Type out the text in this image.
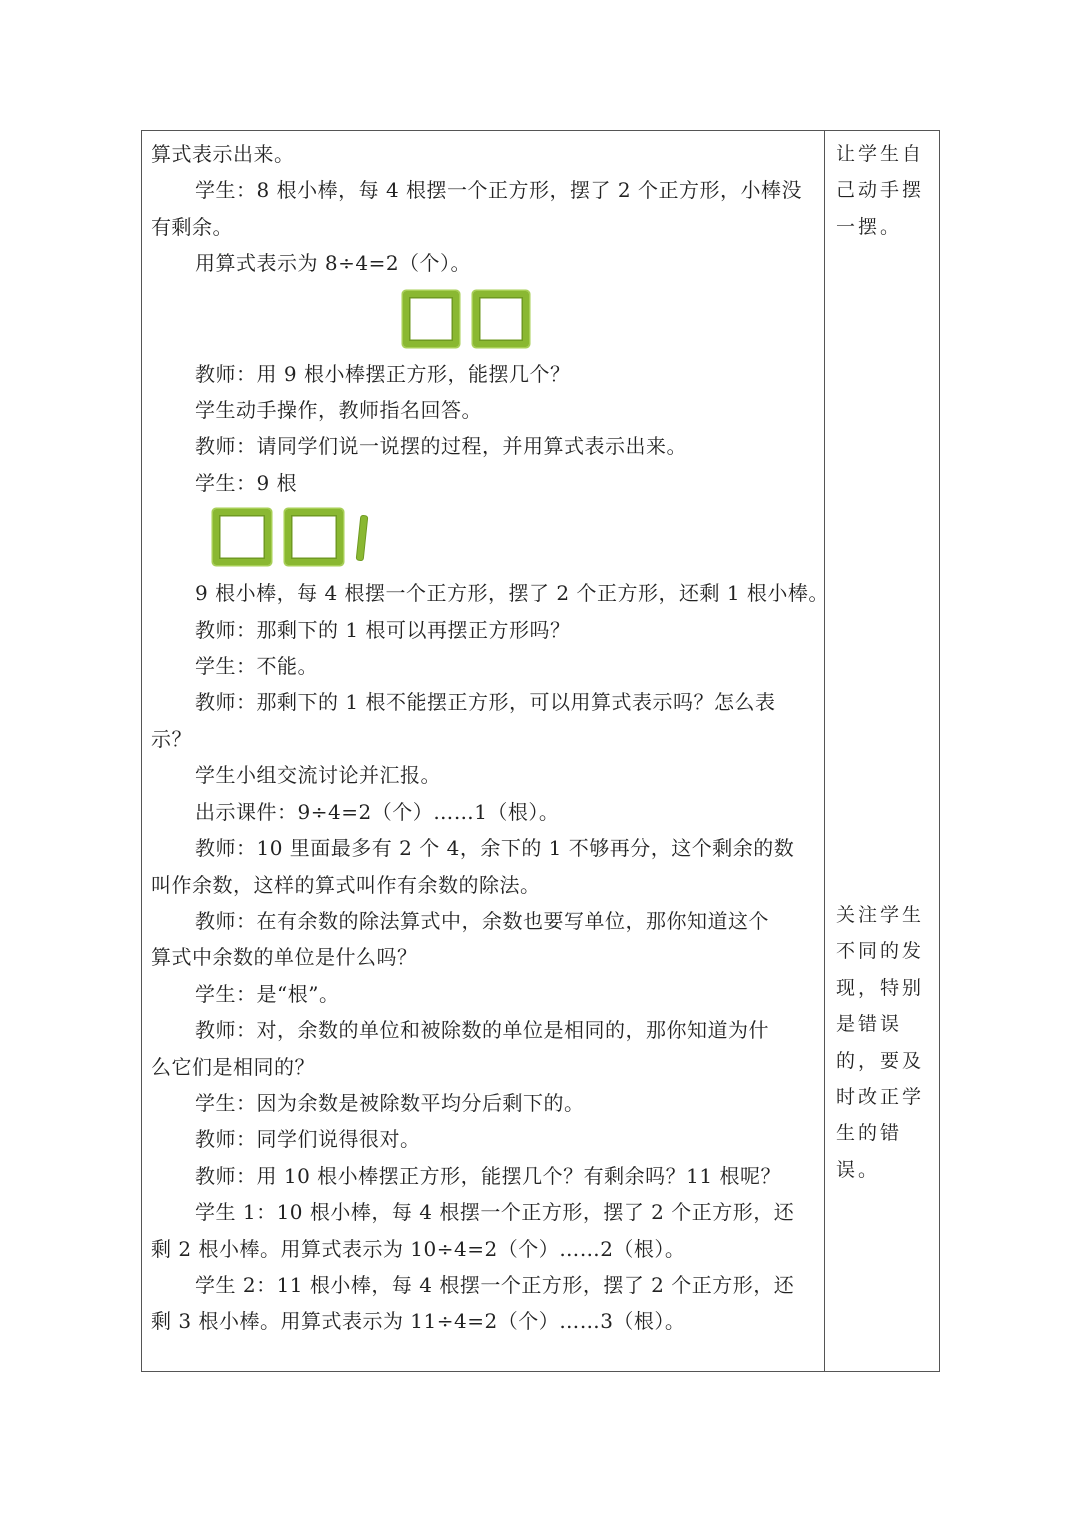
算式表示出来。

学生：8 根小棒，每 4 根摆一个正方形，摆了 2 个正方形，小棒没

有剩余。

用算式表示为 8÷4=2（个）。

教师：用 9 根小棒摆正方形，能摆几个？

学生动手操作，教师指名回答。

教师：请同学们说一说摆的过程，并用算式表示出来。

学生：9 根

9 根小棒，每 4 根摆一个正方形，摆了 2 个正方形，还剩 1 根小棒。

教师：那剩下的 1 根可以再摆正方形吗？

学生：不能。

教师：那剩下的 1 根不能摆正方形，可以用算式表示吗？怎么表

示？

学生小组交流讨论并汇报。

出示课件：9÷4=2（个）……1（根）。

教师：10 里面最多有 2 个 4，余下的 1 不够再分，这个剩余的数

叫作余数，这样的算式叫作有余数的除法。

教师：在有余数的除法算式中，余数也要写单位，那你知道这个

算式中余数的单位是什么吗？

学生：是“根”。

教师：对，余数的单位和被除数的单位是相同的，那你知道为什

么它们是相同的？

学生：因为余数是被除数平均分后剩下的。

教师：同学们说得很对。

教师：用 10 根小棒摆正方形，能摆几个？有剩余吗？11 根呢？

学生 1：10 根小棒，每 4 根摆一个正方形，摆了 2 个正方形，还

剩 2 根小棒。用算式表示为 10÷4=2（个）……2（根）。

学生 2：11 根小棒，每 4 根摆一个正方形，摆了 2 个正方形，还

剩 3 根小棒。用算式表示为 11÷4=2（个）……3（根）。

让学生自己动手摆一摆。

关注学生不同的发现，特别是错误的，要及时改正学生的错误。
